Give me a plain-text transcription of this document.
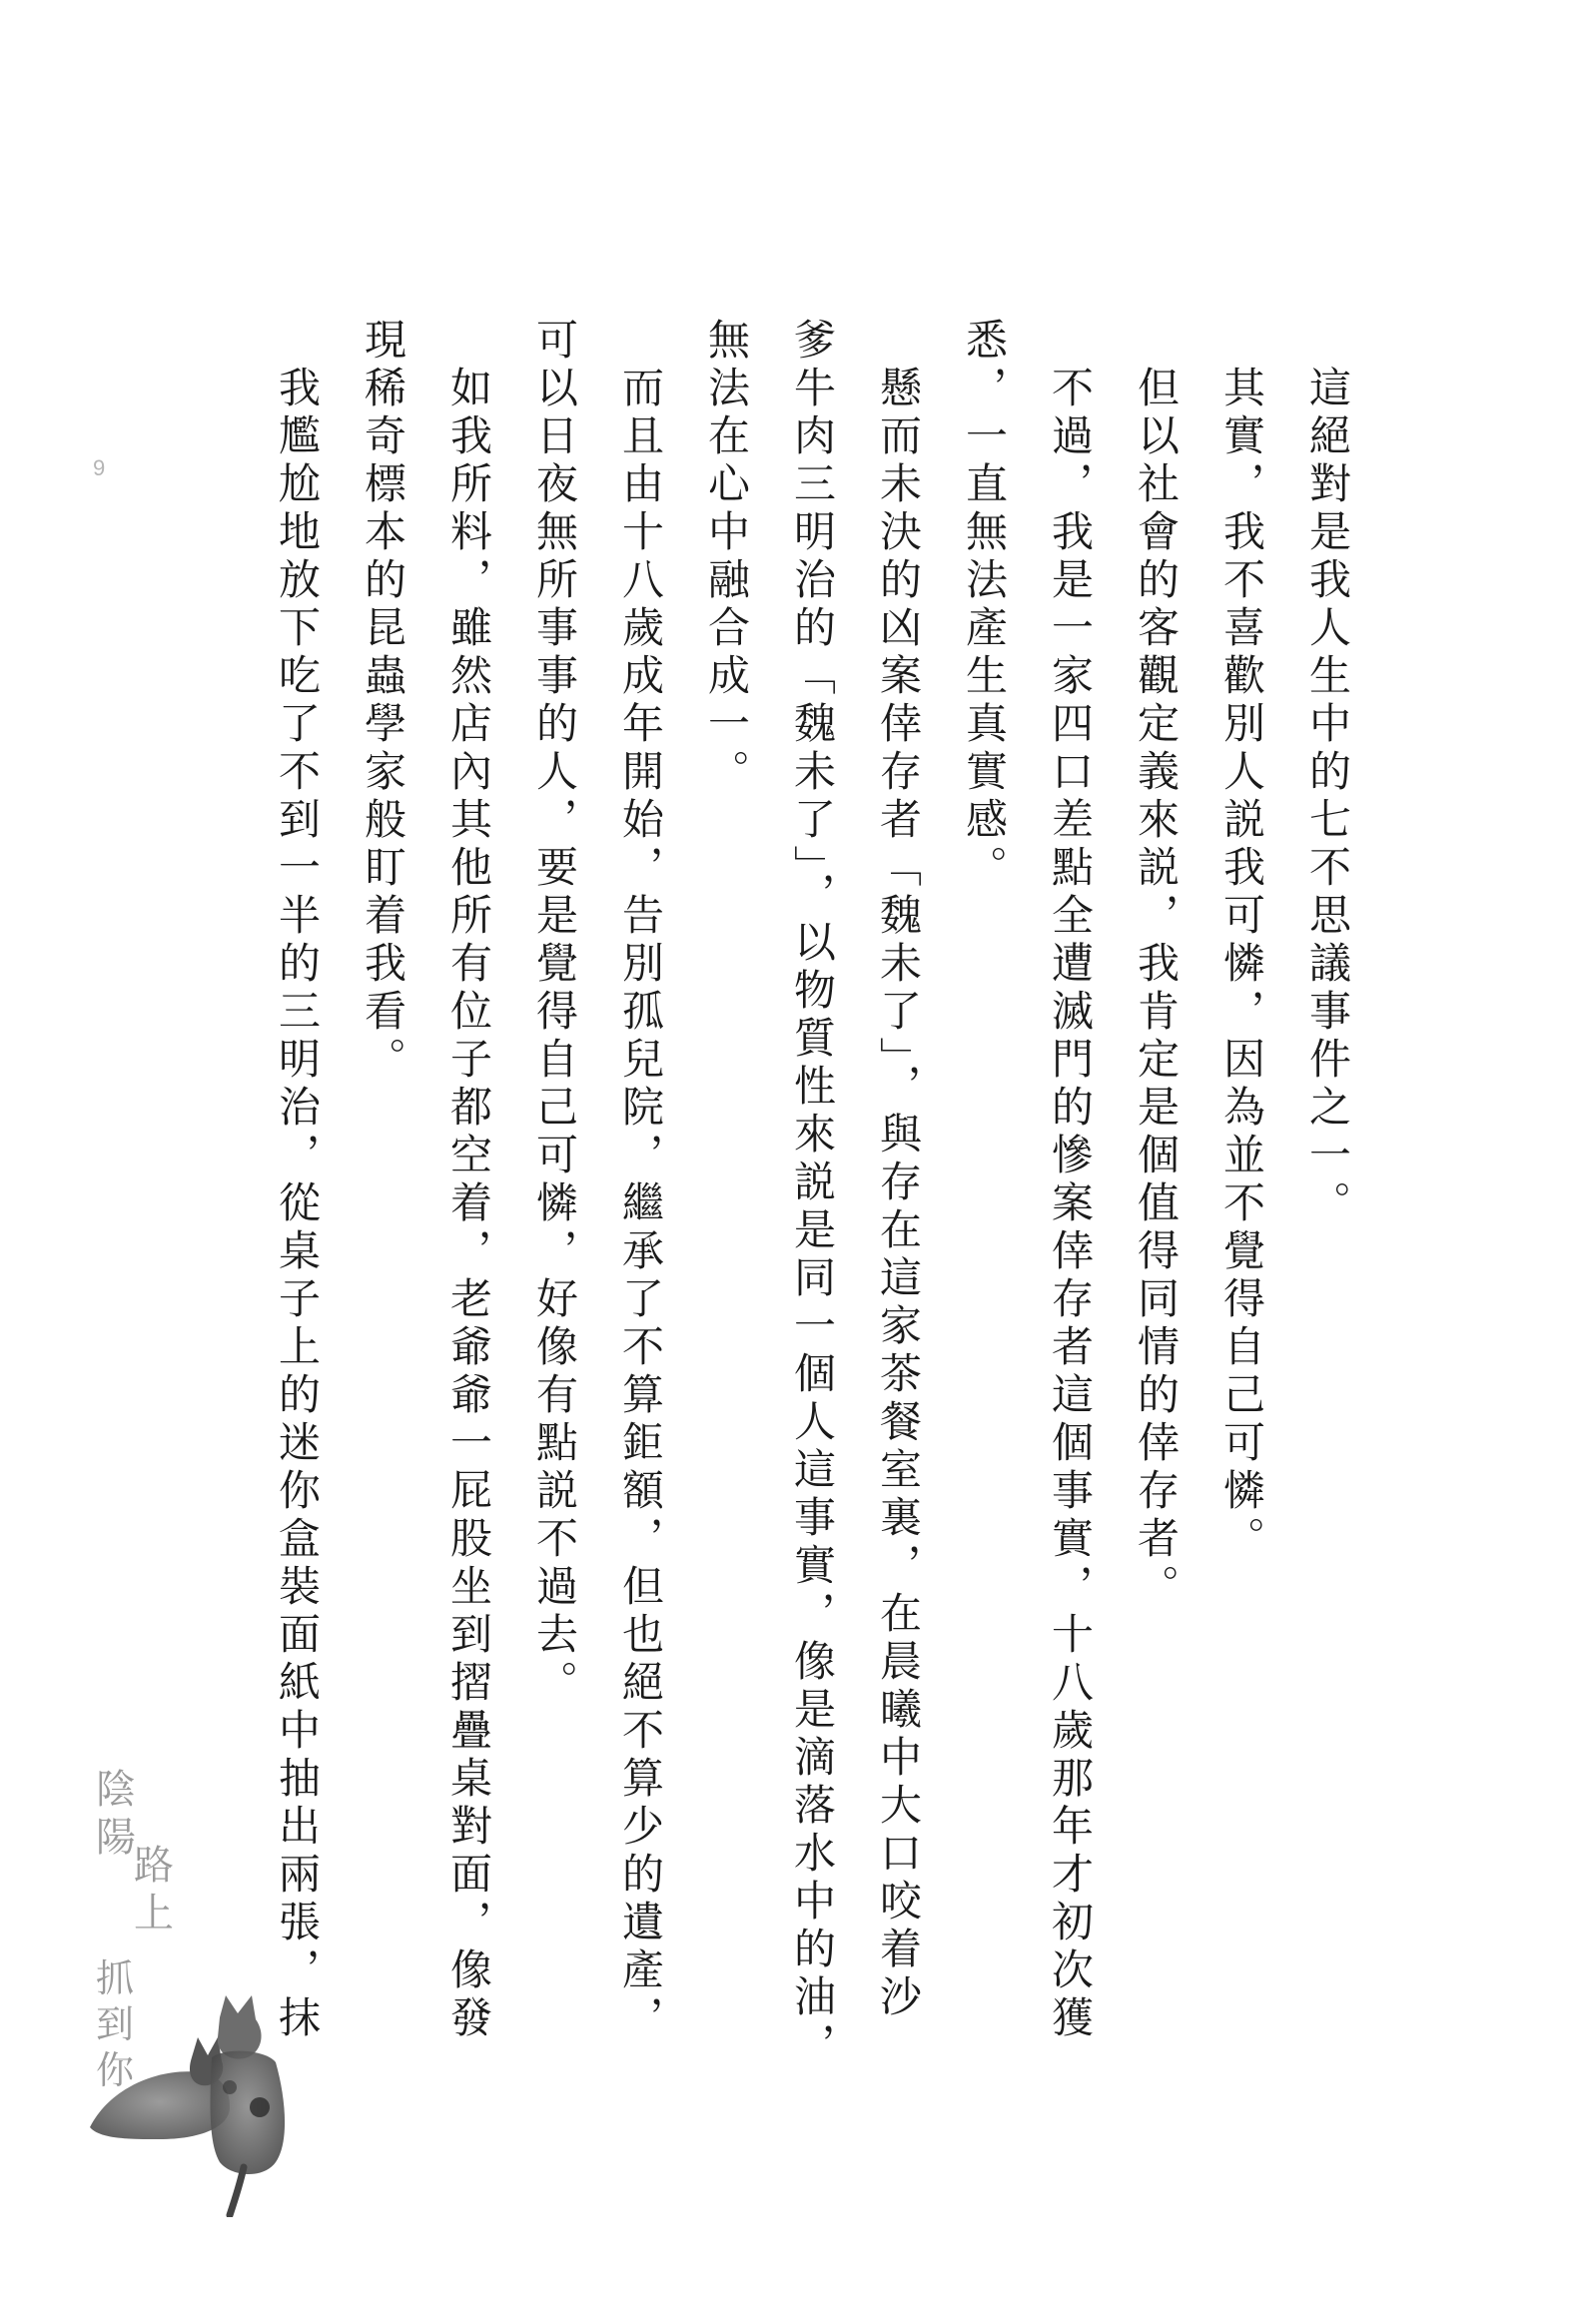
這絕對是我人生中的七不思議事件之一。
其實，我不喜歡別人説我可憐，因為並不覺得自己可憐。
但以社會的客觀定義來説，我肯定是個值得同情的倖存者。
不過，我是一家四口差點全遭滅門的慘案倖存者這個事實，十八歲那年才初次獲
悉，一直無法產生真實感。
懸而未決的凶案倖存者「魏未了」，與存在這家茶餐室裏，在晨曦中大口咬着沙
爹牛肉三明治的「魏未了」，以物質性來説是同一個人這事實，像是滴落水中的油，
無法在心中融合成一。
而且由十八歲成年開始，告別孤兒院，繼承了不算鉅額，但也絕不算少的遺產，
可以日夜無所事事的人，要是覺得自己可憐，好像有點説不過去。
如我所料，雖然店內其他所有位子都空着，老爺爺一屁股坐到摺疊桌對面，像發
現稀奇標本的昆蟲學家般盯着我看。
我尷尬地放下吃了不到一半的三明治，從桌子上的迷你盒裝面紙中抽出兩張，抹
9
陰
陽
路
上
抓
到
你
